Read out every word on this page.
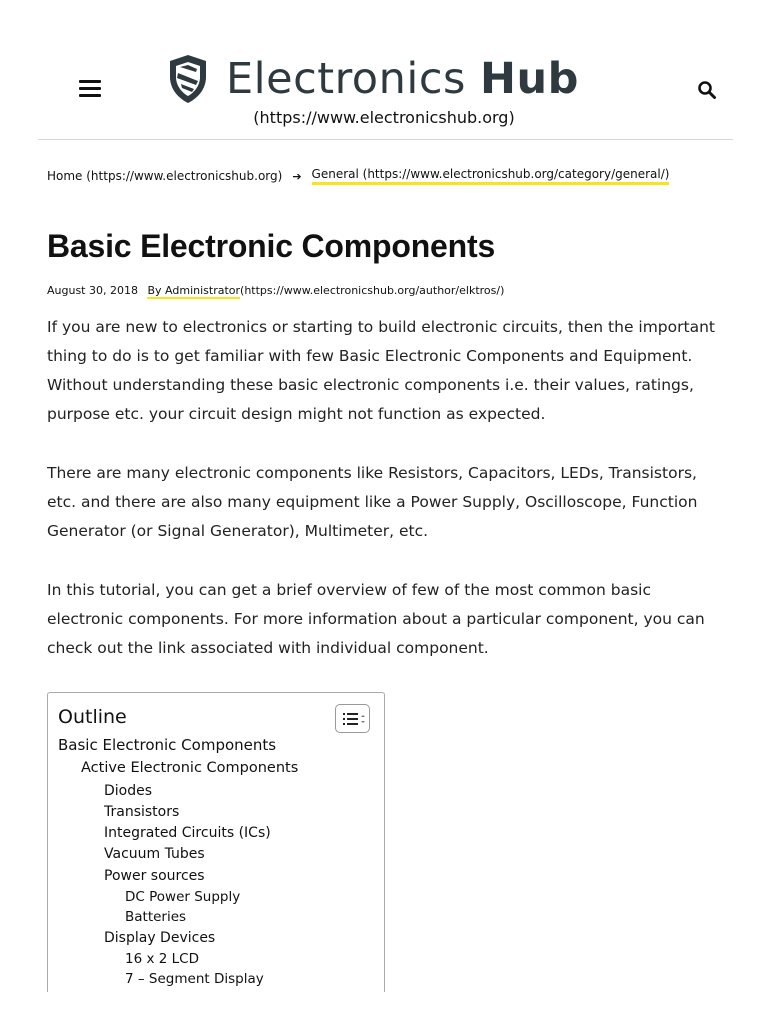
Electronics Hub
(https://www.electronicshub.org)
Home (https://www.electronicshub.org) ➔ General (https://www.electronicshub.org/category/general/)
Basic Electronic Components
August 30, 2018 By Administrator(https://www.electronicshub.org/author/elktros/)

If you are new to electronics or starting to build electronic circuits, then the important thing to do is to get familiar with few Basic Electronic Components and Equipment. Without understanding these basic electronic components i.e. their values, ratings, purpose etc. your circuit design might not function as expected.

There are many electronic components like Resistors, Capacitors, LEDs, Transistors, etc. and there are also many equipment like a Power Supply, Oscilloscope, Function Generator (or Signal Generator), Multimeter, etc.

In this tutorial, you can get a brief overview of few of the most common basic electronic components. For more information about a particular component, you can check out the link associated with individual component.

Outline
Basic Electronic Components
Active Electronic Components
Diodes
Transistors
Integrated Circuits (ICs)
Vacuum Tubes
Power sources
DC Power Supply
Batteries
Display Devices
16 x 2 LCD
7 – Segment Display
